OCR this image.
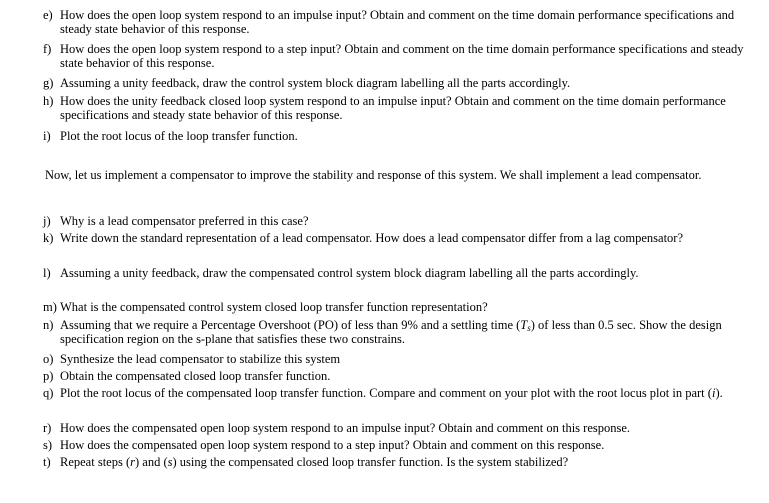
e) How does the open loop system respond to an impulse input? Obtain and comment on the time domain performance specifications and steady state behavior of this response.
f) How does the open loop system respond to a step input? Obtain and comment on the time domain performance specifications and steady state behavior of this response.
g) Assuming a unity feedback, draw the control system block diagram labelling all the parts accordingly.
h) How does the unity feedback closed loop system respond to an impulse input? Obtain and comment on the time domain performance specifications and steady state behavior of this response.
i) Plot the root locus of the loop transfer function.
Now, let us implement a compensator to improve the stability and response of this system. We shall implement a lead compensator.
j) Why is a lead compensator preferred in this case?
k) Write down the standard representation of a lead compensator. How does a lead compensator differ from a lag compensator?
l) Assuming a unity feedback, draw the compensated control system block diagram labelling all the parts accordingly.
m) What is the compensated control system closed loop transfer function representation?
n) Assuming that we require a Percentage Overshoot (PO) of less than 9% and a settling time $(T_s)$ of less than 0.5 sec. Show the design specification region on the s-plane that satisfies these two constrains.
o) Synthesize the lead compensator to stabilize this system
p) Obtain the compensated closed loop transfer function.
q) Plot the root locus of the compensated loop transfer function. Compare and comment on your plot with the root locus plot in part (i).
r) How does the compensated open loop system respond to an impulse input? Obtain and comment on this response.
s) How does the compensated open loop system respond to a step input? Obtain and comment on this response.
t) Repeat steps (r) and (s) using the compensated closed loop transfer function. Is the system stabilized?
